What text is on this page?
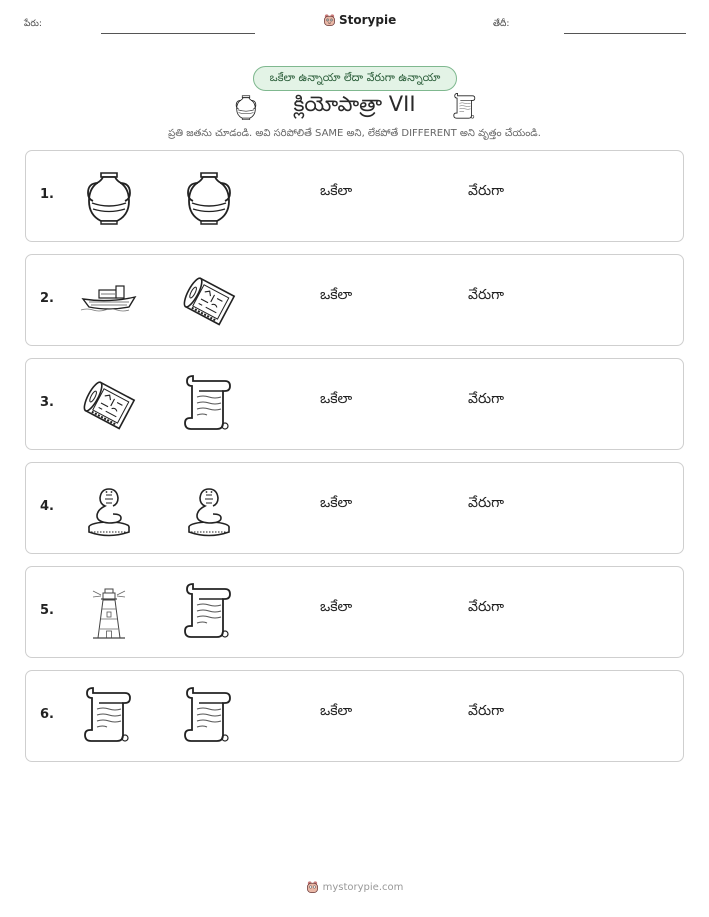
పేరు:	Storypie	తేదీ:
ఒకేలా ఉన్నాయా లేదా వేరుగా ఉన్నాయా
క్లియోపాత్రా VII
ప్రతి జతను చూడండి. అవి సరిపోలితే SAME అని, లేకపోతే DIFFERENT అని వృత్తం చేయండి.
1.	ఒకేలా	వేరుగా
2.	ఒకేలా	వేరుగా
3.	ఒకేలా	వేరుగా
4.	ఒకేలా	వేరుగా
5.	ఒకేలా	వేరుగా
6.	ఒకేలా	వేరుగా
mystorypie.com
